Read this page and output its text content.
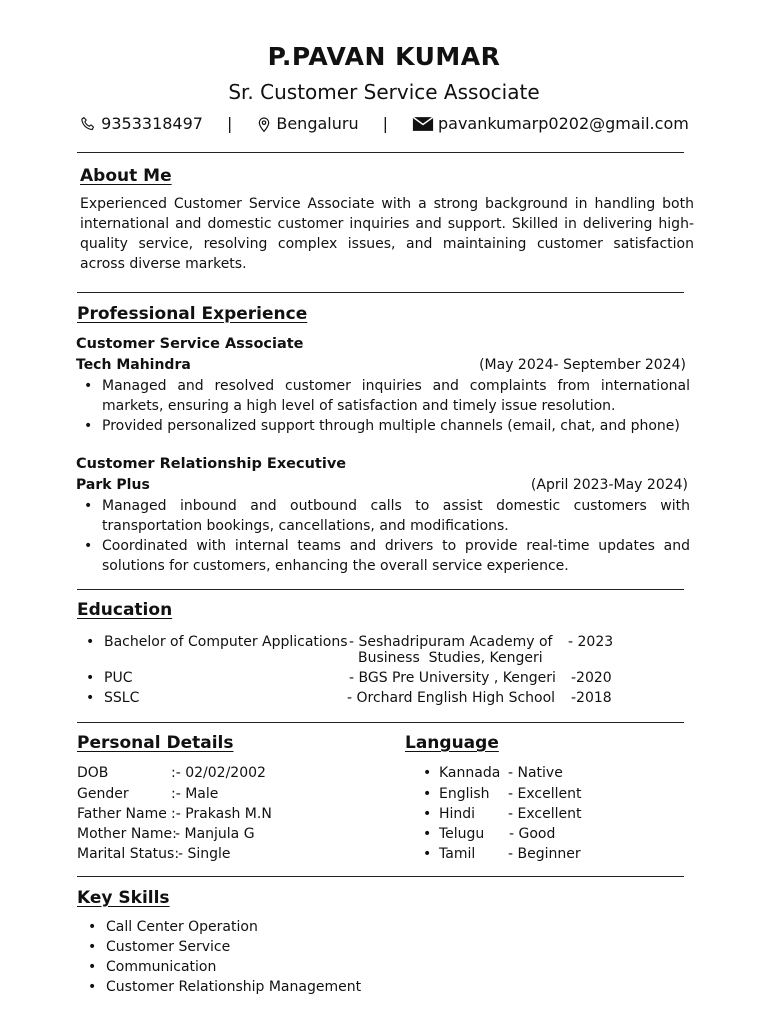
P.PAVAN KUMAR
Sr. Customer Service Associate
9353318497 |	Bengaluru |	pavankumarp0202@gmail.com
About Me
Experienced Customer Service Associate with a strong background in handling both international and domestic customer inquiries and support. Skilled in delivering high-quality service, resolving complex issues, and maintaining customer satisfaction across diverse markets.
Professional Experience
Customer Service Associate
Tech Mahindra	(May 2024- September 2024)
• Managed and resolved customer inquiries and complaints from international markets, ensuring a high level of satisfaction and timely issue resolution.
• Provided personalized support through multiple channels (email, chat, and phone)
Customer Relationship Executive
Park Plus	(April 2023-May 2024)
• Managed inbound and outbound calls to assist domestic customers with transportation bookings, cancellations, and modifications.
• Coordinated with internal teams and drivers to provide real-time updates and solutions for customers, enhancing the overall service experience.
Education
• Bachelor of Computer Applications - Seshadripuram Academy of
Business  Studies, Kengeri
- 2023
• PUC	- BGS Pre University , Kengeri -2020
• SSLC	- Orchard English High School -2018
Personal Details
DOB	:- 02/02/2002
Gender	:- Male
Father Name :- Prakash M.N
Mother Name:
- Manjula G
Marital Status:
- Single
Language
• Kannada - Native
• English - Excellent
• Hindi - Excellent
• Telugu - Good
• Tamil - Beginner
Key Skills
• Call Center Operation
• Customer Service
• Communication
• Customer Relationship Management
